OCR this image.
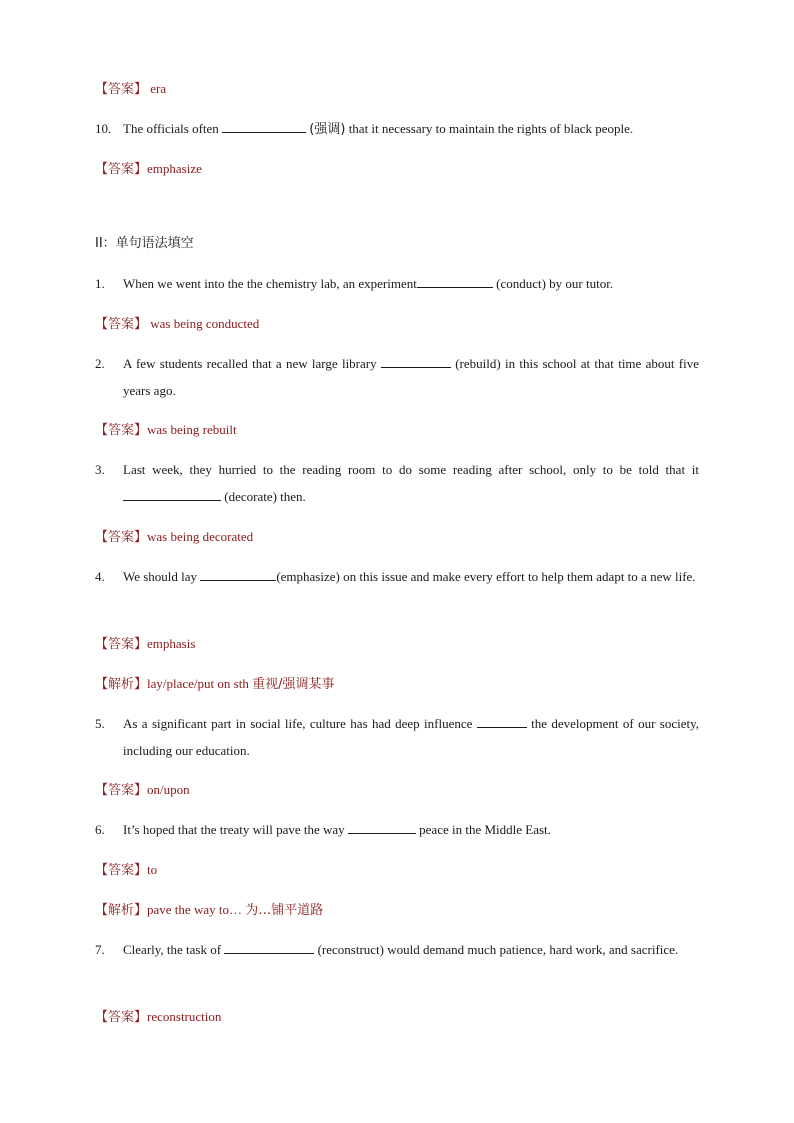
【答案】 era
10. The officials often	(强调) that it necessary to maintain the rights of black people.
【答案】emphasize
II：单句语法填空
1.	When we went into the the chemistry lab, an experiment	(conduct) by our tutor.
【答案】 was being conducted
2.	A few students recalled that a new large library	(rebuild) in this school at that time about five years ago.
【答案】was being rebuilt
3.	Last week, they hurried to the reading room to do some reading after school, only to be told that it  (decorate) then.
【答案】was being decorated
4.	We should lay	(emphasize) on this issue and make every effort to help them adapt to a new life.
【答案】emphasis
【解析】lay/place/put on sth 重视/强调某事
5.	As a significant part in social life, culture has had deep influence	the development of our society, including our education.
【答案】on/upon
6.	It’s hoped that the treaty will pave the way	peace in the Middle East.
【答案】to
【解析】pave the way to… 为…铺平道路
7.	Clearly, the task of	(reconstruct) would demand much patience, hard work, and sacrifice.
【答案】reconstruction
